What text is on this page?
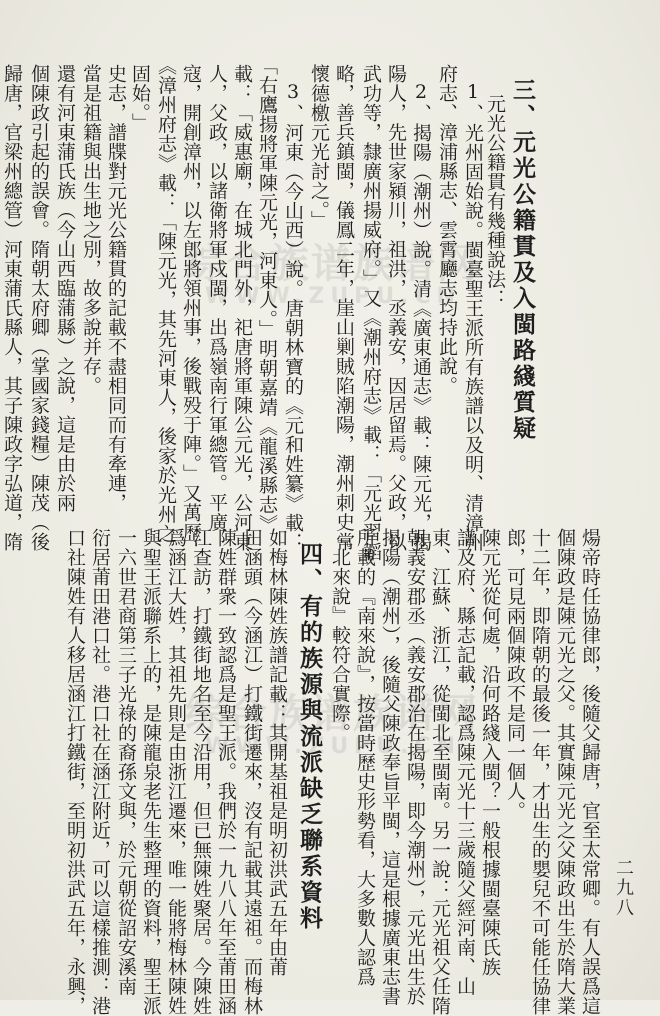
综合族谱族谱网
WWW.ZUPU.CN
综合族谱族谱网
WWW.ZUPU.CN
二九八
三、元光公籍貫及入閩路綫質疑
元光公籍貫有幾種說法：
1、光州固始說。閩臺聖王派所有族譜以及明、清漳州
府志、漳浦縣志、雲霄廳志均持此說。
2、揭陽（潮州）說。清《廣東通志》載：陳元光，揭
陽人，先世家潁川，祖洪，丞義安，因居留焉。父政，以
武功等，隸廣州揚威府。」又《潮州府志》載：「元光習韜
略，善兵鎮閩，儀鳳二年，崖山剿賊陷潮陽，潮州刺史常
懷德檄元光討之。」
3、河東（今山西）說。唐朝林寶的《元和姓纂》載：
「右鷹揚將軍陳元光，河東人。」明朝嘉靖《龍溪縣志》
載：「威惠廟，在城北門外，祀唐將軍陳公元光，公河東
人，父政，以諸衛將軍戍閩，出爲嶺南行軍總管。平廣
寇，開創漳州，以左郎將領州事，後戰殁于陣。」又萬歷
《漳州府志》載：「陳元光，其先河東人，後家於光州之
固始。」
史志，譜牒對元光公籍貫的記載不盡相同而有牽連，
當是祖籍與出生地之別，故多說并存。
還有河東蒲氏族（今山西臨蒲縣）之說，這是由於兩
個陳政引起的誤會。隋朝太府卿（掌國家錢糧）陳茂（後
歸唐，官梁州總管）河東蒲氏縣人，其子陳政字弘道，隋
煬帝時任協律郎，後隨父歸唐，官至太常卿。有人誤爲這
個陳政是陳元光之父。其實陳元光之父陳政出生於隋大業
十二年，即隋朝的最後一年，才出生的嬰兒不可能任協律
郎，可見兩個陳政不是同一個人。
陳元光從何處，沿何路綫入閩？一般根據閩臺陳氏族
譜及府、縣志記載，認爲陳元光十三歲隨父經河南、山
東、江蘇、浙江，從閩北至閩南。另一說：元光祖父任隋
朝義安郡丞（義安郡治在揭陽，即今潮州），元光出生於
揭陽（潮州），後隨父陳政奉旨平閩，這是根據廣東志書
所載的『南來說』，按當時歷史形勢看，大多數人認爲
『北來說』較符合實際。
四、有的族源與流派缺乏聯系資料
如梅林陳姓族譜記載：其開基祖是明初洪武五年由莆
田涵頭（今涵江）打鐵街遷來，沒有記載其遠祖。而梅林
陳姓群衆一致認爲是聖王派。我們於一九八八年至莆田涵
江查訪，打鐵街地名至今沿用，但已無陳姓聚居。今陳姓
爲涵江大姓，其祖先則是由浙江遷來，唯一能將梅林陳姓
與聖王派聯系上的，是陳龍泉老先生整理的資料，聖王派
一六世君商第三子光祿的裔孫文與，於元朝從詔安溪南
衍居莆田港口社。港口社在涵江附近，可以這樣推測：港
口社陳姓有人移居涵江打鐵街，至明初洪武五年，永興，
